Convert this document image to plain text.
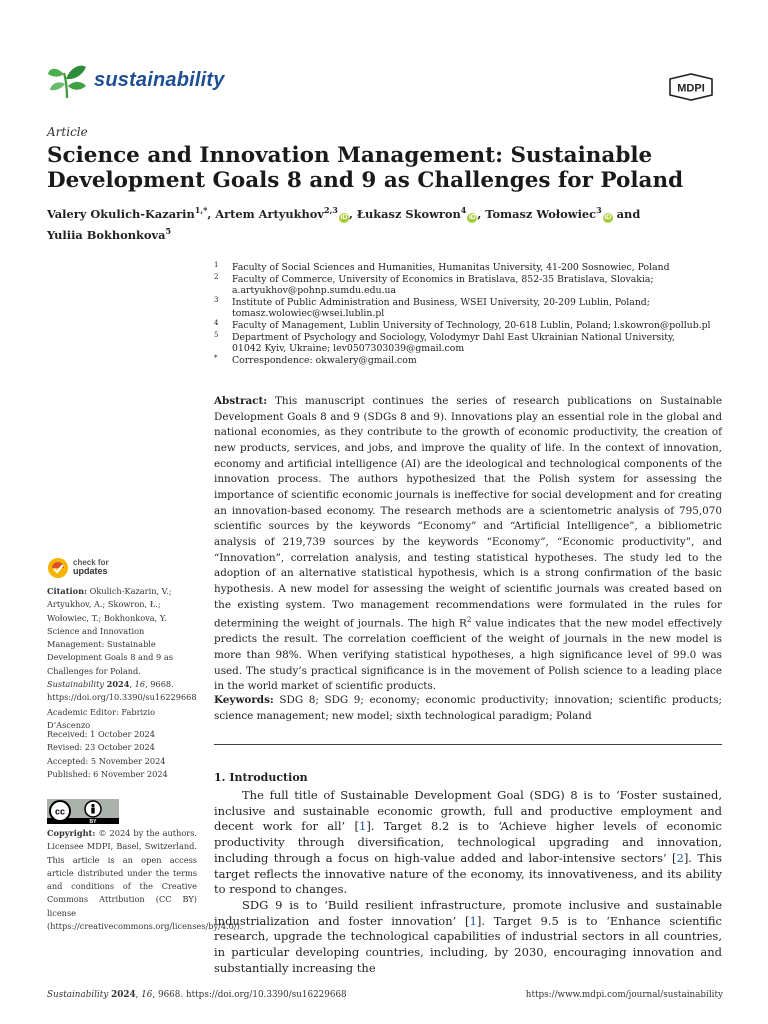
sustainability	MDPI
Article
Science and Innovation Management: Sustainable Development Goals 8 and 9 as Challenges for Poland
Valery Okulich-Kazarin$^{1,*}$, Artem Artyukhov$^{2,3}$iD , Łukasz Skowron$^4$iD , Tomasz Wołowiec$^3$iD and
Yuliia Bokhonkova$^5$
1 Faculty of Social Sciences and Humanities, Humanitas University, 41-200 Sosnowiec, Poland
2 Faculty of Commerce, University of Economics in Bratislava, 852-35 Bratislava, Slovakia;
a.artyukhov@pohnp.sumdu.edu.ua
3 Institute of Public Administration and Business, WSEI University, 20-209 Lublin, Poland;
tomasz.wolowiec@wsei.lublin.pl
4 Faculty of Management, Lublin University of Technology, 20-618 Lublin, Poland; l.skowron@pollub.pl
5 Department of Psychology and Sociology, Volodymyr Dahl East Ukrainian National University,
01042 Kyiv, Ukraine; lev0507303039@gmail.com
* Correspondence: okwalery@gmail.com
Abstract: This manuscript continues the series of research publications on Sustainable Development Goals 8 and 9 (SDGs 8 and 9). Innovations play an essential role in the global and national economies, as they contribute to the growth of economic productivity, the creation of new products, services, and jobs, and improve the quality of life. In the context of innovation, economy and artificial intelligence (AI) are the ideological and technological components of the innovation process. The authors hypothesized that the Polish system for assessing the importance of scientific economic journals is ineffective for social development and for creating an innovation-based economy. The research methods are a scientometric analysis of 795,070 scientific sources by the keywords “Economy” and “Artificial Intelligence”, a bibliometric analysis of 219,739 sources by the keywords “Economy”, “Economic productivity”, and “Innovation”, correlation analysis, and testing statistical hypotheses. The study led to the adoption of an alternative statistical hypothesis, which is a strong confirmation of the basic hypothesis. A new model for assessing the weight of scientific journals was created based on the existing system. Two management recommendations were formulated in the rules for determining the weight of journals. The high $R^2$ value indicates that the new model effectively predicts the result. The correlation coefficient of the weight of journals in the new model is more than 98%. When verifying statistical hypotheses, a high significance level of 99.0 was used. The study’s practical significance is in the movement of Polish science to a leading place in the world market of scientific products.
Keywords: SDG 8; SDG 9; economy; economic productivity; innovation; scientific products; science management; new model; sixth technological paradigm; Poland
1. Introduction

The full title of Sustainable Development Goal (SDG) 8 is to ‘Foster sustained, inclusive and sustainable economic growth, full and productive employment and decent work for all’ [1]. Target 8.2 is to ‘Achieve higher levels of economic productivity through diversification, technological upgrading and innovation, including through a focus on high-value added and labor-intensive sectors’ [2]. This target reflects the innovative nature of the economy, its innovativeness, and its ability to respond to changes.

SDG 9 is to ‘Build resilient infrastructure, promote inclusive and sustainable industrialization and foster innovation’ [1]. Target 9.5 is to ‘Enhance scientific research, upgrade the technological capabilities of industrial sectors in all countries, in particular developing countries, including, by 2030, encouraging innovation and substantially increasing the

check for
updates
Citation: Okulich-Kazarin, V.; Artyukhov, A.; Skowron, Ł.; Wołowiec, T.; Bokhonkova, Y. Science and Innovation Management: Sustainable Development Goals 8 and 9 as Challenges for Poland. Sustainability 2024, 16, 9668. https://doi.org/10.3390/su16229668
Academic Editor: Fabrizio D’Ascenzo
Received: 1 October 2024
Revised: 23 October 2024
Accepted: 5 November 2024
Published: 6 November 2024
cc
BY
Copyright: © 2024 by the authors. Licensee MDPI, Basel, Switzerland. This article is an open access article distributed under the terms and conditions of the Creative Commons Attribution (CC BY) license (https://creativecommons.org/licenses/by/4.0/).
Sustainability 2024, 16, 9668. https://doi.org/10.3390/su16229668	https://www.mdpi.com/journal/sustainability
